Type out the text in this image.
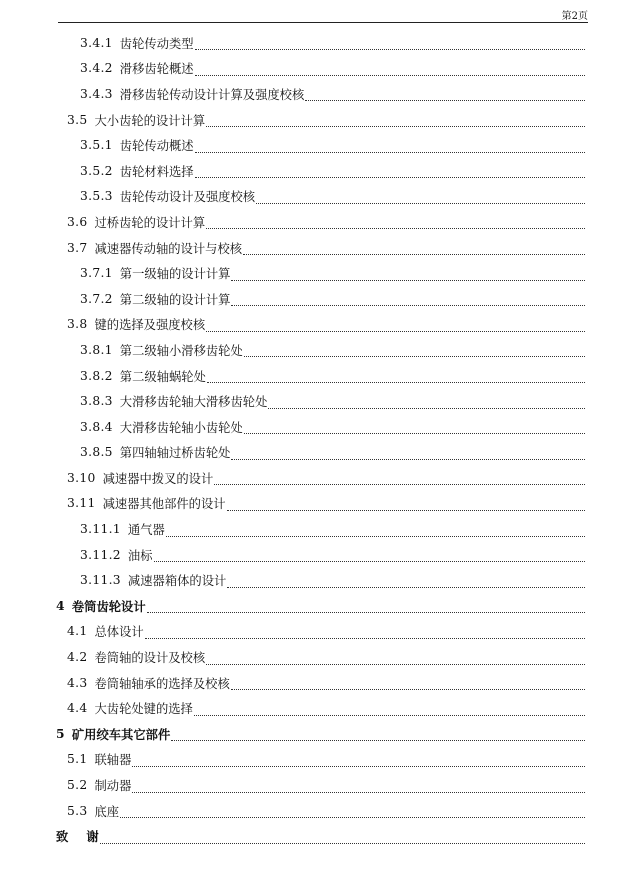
第2页
3.4.1 齿轮传动类型
3.4.2 滑移齿轮概述
3.4.3 滑移齿轮传动设计计算及强度校核
3.5 大小齿轮的设计计算
3.5.1 齿轮传动概述
3.5.2 齿轮材料选择
3.5.3 齿轮传动设计及强度校核
3.6 过桥齿轮的设计计算
3.7 减速器传动轴的设计与校核
3.7.1 第一级轴的设计计算
3.7.2 第二级轴的设计计算
3.8 键的选择及强度校核
3.8.1 第二级轴小滑移齿轮处
3.8.2 第二级轴蜗轮处
3.8.3 大滑移齿轮轴大滑移齿轮处
3.8.4 大滑移齿轮轴小齿轮处
3.8.5 第四轴轴过桥齿轮处
3.10 减速器中拨叉的设计
3.11 减速器其他部件的设计
3.11.1 通气器
3.11.2 油标
3.11.3 减速器箱体的设计
4 卷筒齿轮设计
4.1 总体设计
4.2 卷筒轴的设计及校核
4.3 卷筒轴轴承的选择及校核
4.4 大齿轮处键的选择
5 矿用绞车其它部件
5.1 联轴器
5.2 制动器
5.3 底座
致 谢
